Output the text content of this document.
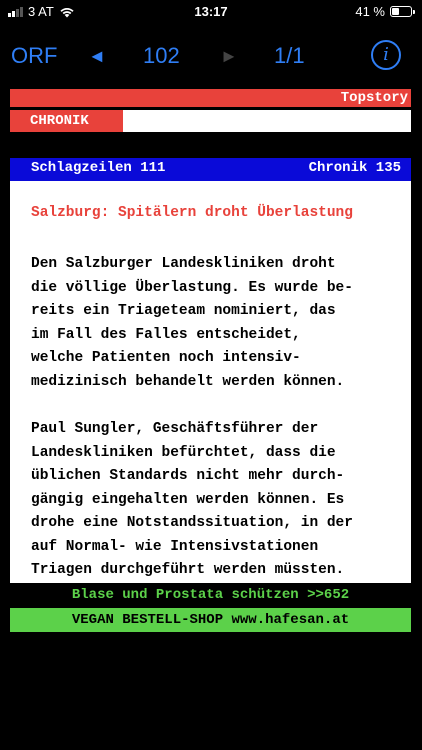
3 AT	13:17	41 %
ORF ◄ 102 ► 1/1	i
Topstory
CHRONIK
Schlagzeilen 111	Chronik 135
Salzburg: Spitälern droht Überlastung
Den Salzburger Landeskliniken droht
die völlige Überlastung. Es wurde be-
reits ein Triageteam nominiert, das
im Fall des Falles entscheidet,
welche Patienten noch intensiv-
medizinisch behandelt werden können.
Paul Sungler, Geschäftsführer der
Landeskliniken befürchtet, dass die
üblichen Standards nicht mehr durch-
gängig eingehalten werden können. Es
drohe eine Notstandssituation, in der
auf Normal- wie Intensivstationen
Triagen durchgeführt werden müssten.
Blase und Prostata schützen >>652
VEGAN BESTELL-SHOP www.hafesan.at
